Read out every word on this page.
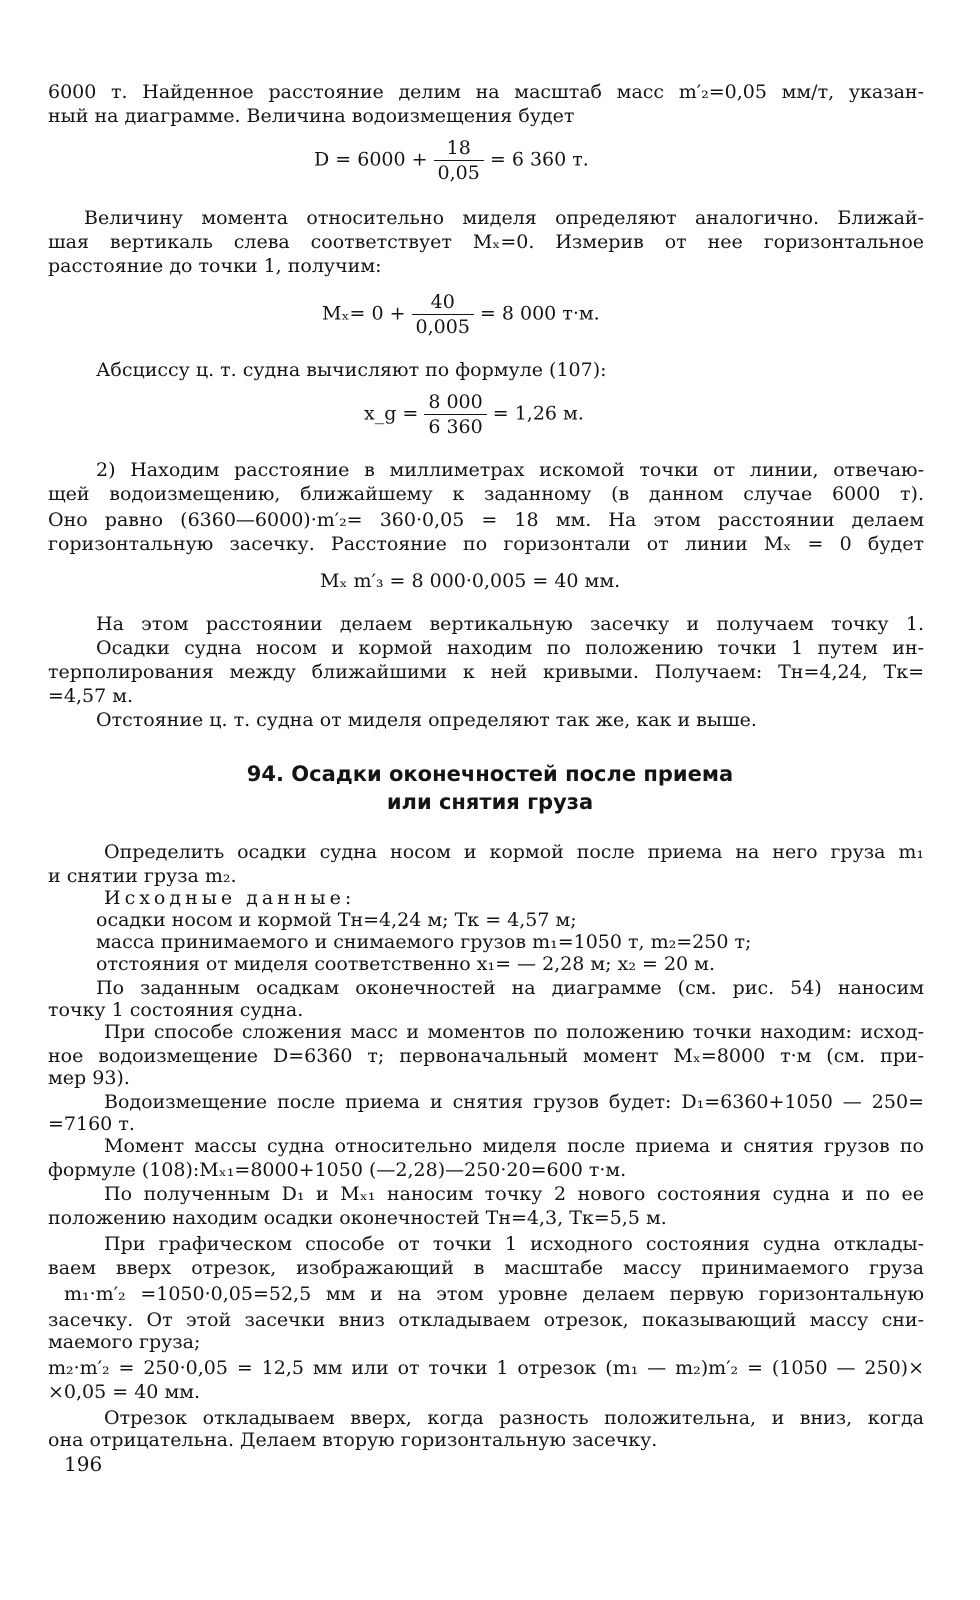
6000 т. Найденное расстояние делим на масштаб масс m′₂=0,05 мм/т, указан-
ный на диаграмме. Величина водоизмещения будет
$D = 6000 + \frac{18}{0,05} = 6$ 360 т.
Величину момента относительно миделя определяют аналогично. Ближай-
шая вертикаль слева соответствует Mₓ=0. Измерив от нее горизонтальное
расстояние до точки 1, получим:
$M_x= 0 + \frac{40}{0,005} = 8$ 000 т·м.
Абсциссу ц. т. судна вычисляют по формуле (107):
x_g = $\frac{8 000}{6 360} = 1,26$ м.
2) Находим расстояние в миллиметрах искомой точки от линии, отвечаю-
щей водоизмещению, ближайшему к заданному (в данном случае 6000 т).
Оно равно (6360—6000)·m′₂= 360·0,05 = 18 мм. На этом расстоянии делаем
горизонтальную засечку. Расстояние по горизонтали от линии Mₓ = 0 будет
Mₓ m′₃ = 8 000·0,005 = 40 мм.
На этом расстоянии делаем вертикальную засечку и получаем точку 1.
Осадки судна носом и кормой находим по положению точки 1 путем ин-
терполирования между ближайшими к ней кривыми. Получаем: Tн=4,24, Tк=
=4,57 м.
Отстояние ц. т. судна от миделя определяют так же, как и выше.
94. Осадки оконечностей после приема
или снятия груза
Определить осадки судна носом и кормой после приема на него груза m₁
и снятии груза m₂.
Исходные данные:
осадки носом и кормой Tн=4,24 м; Tк = 4,57 м;
масса принимаемого и снимаемого грузов m₁=1050 т, m₂=250 т;
отстояния от миделя соответственно x₁= — 2,28 м; x₂ = 20 м.
По заданным осадкам оконечностей на диаграмме (см. рис. 54) наносим
точку 1 состояния судна.
При способе сложения масс и моментов по положению точки находим: исход-
ное водоизмещение D=6360 т; первоначальный момент Mₓ=8000 т·м (см. при-
мер 93).
Водоизмещение после приема и снятия грузов будет: D₁=6360+1050 — 250=
=7160 т.
Момент массы судна относительно миделя после приема и снятия грузов по
формуле (108):Mₓ₁=8000+1050 (—2,28)—250·20=600 т·м.
По полученным D₁ и Mₓ₁ наносим точку 2 нового состояния судна и по ее
положению находим осадки оконечностей Tн=4,3, Tк=5,5 м.
При графическом способе от точки 1 исходного состояния судна отклады-
ваем вверх отрезок, изображающий в масштабе массу принимаемого груза
m₁·m′₂ =1050·0,05=52,5 мм и на этом уровне делаем первую горизонтальную
засечку. От этой засечки вниз откладываем отрезок, показывающий массу сни-
маемого груза;
m₂·m′₂ = 250·0,05 = 12,5 мм или от точки 1 отрезок (m₁ — m₂)m′₂ = (1050 — 250)×
×0,05 = 40 мм.
Отрезок откладываем вверх, когда разность положительна, и вниз, когда
она отрицательна. Делаем вторую горизонтальную засечку.
196
